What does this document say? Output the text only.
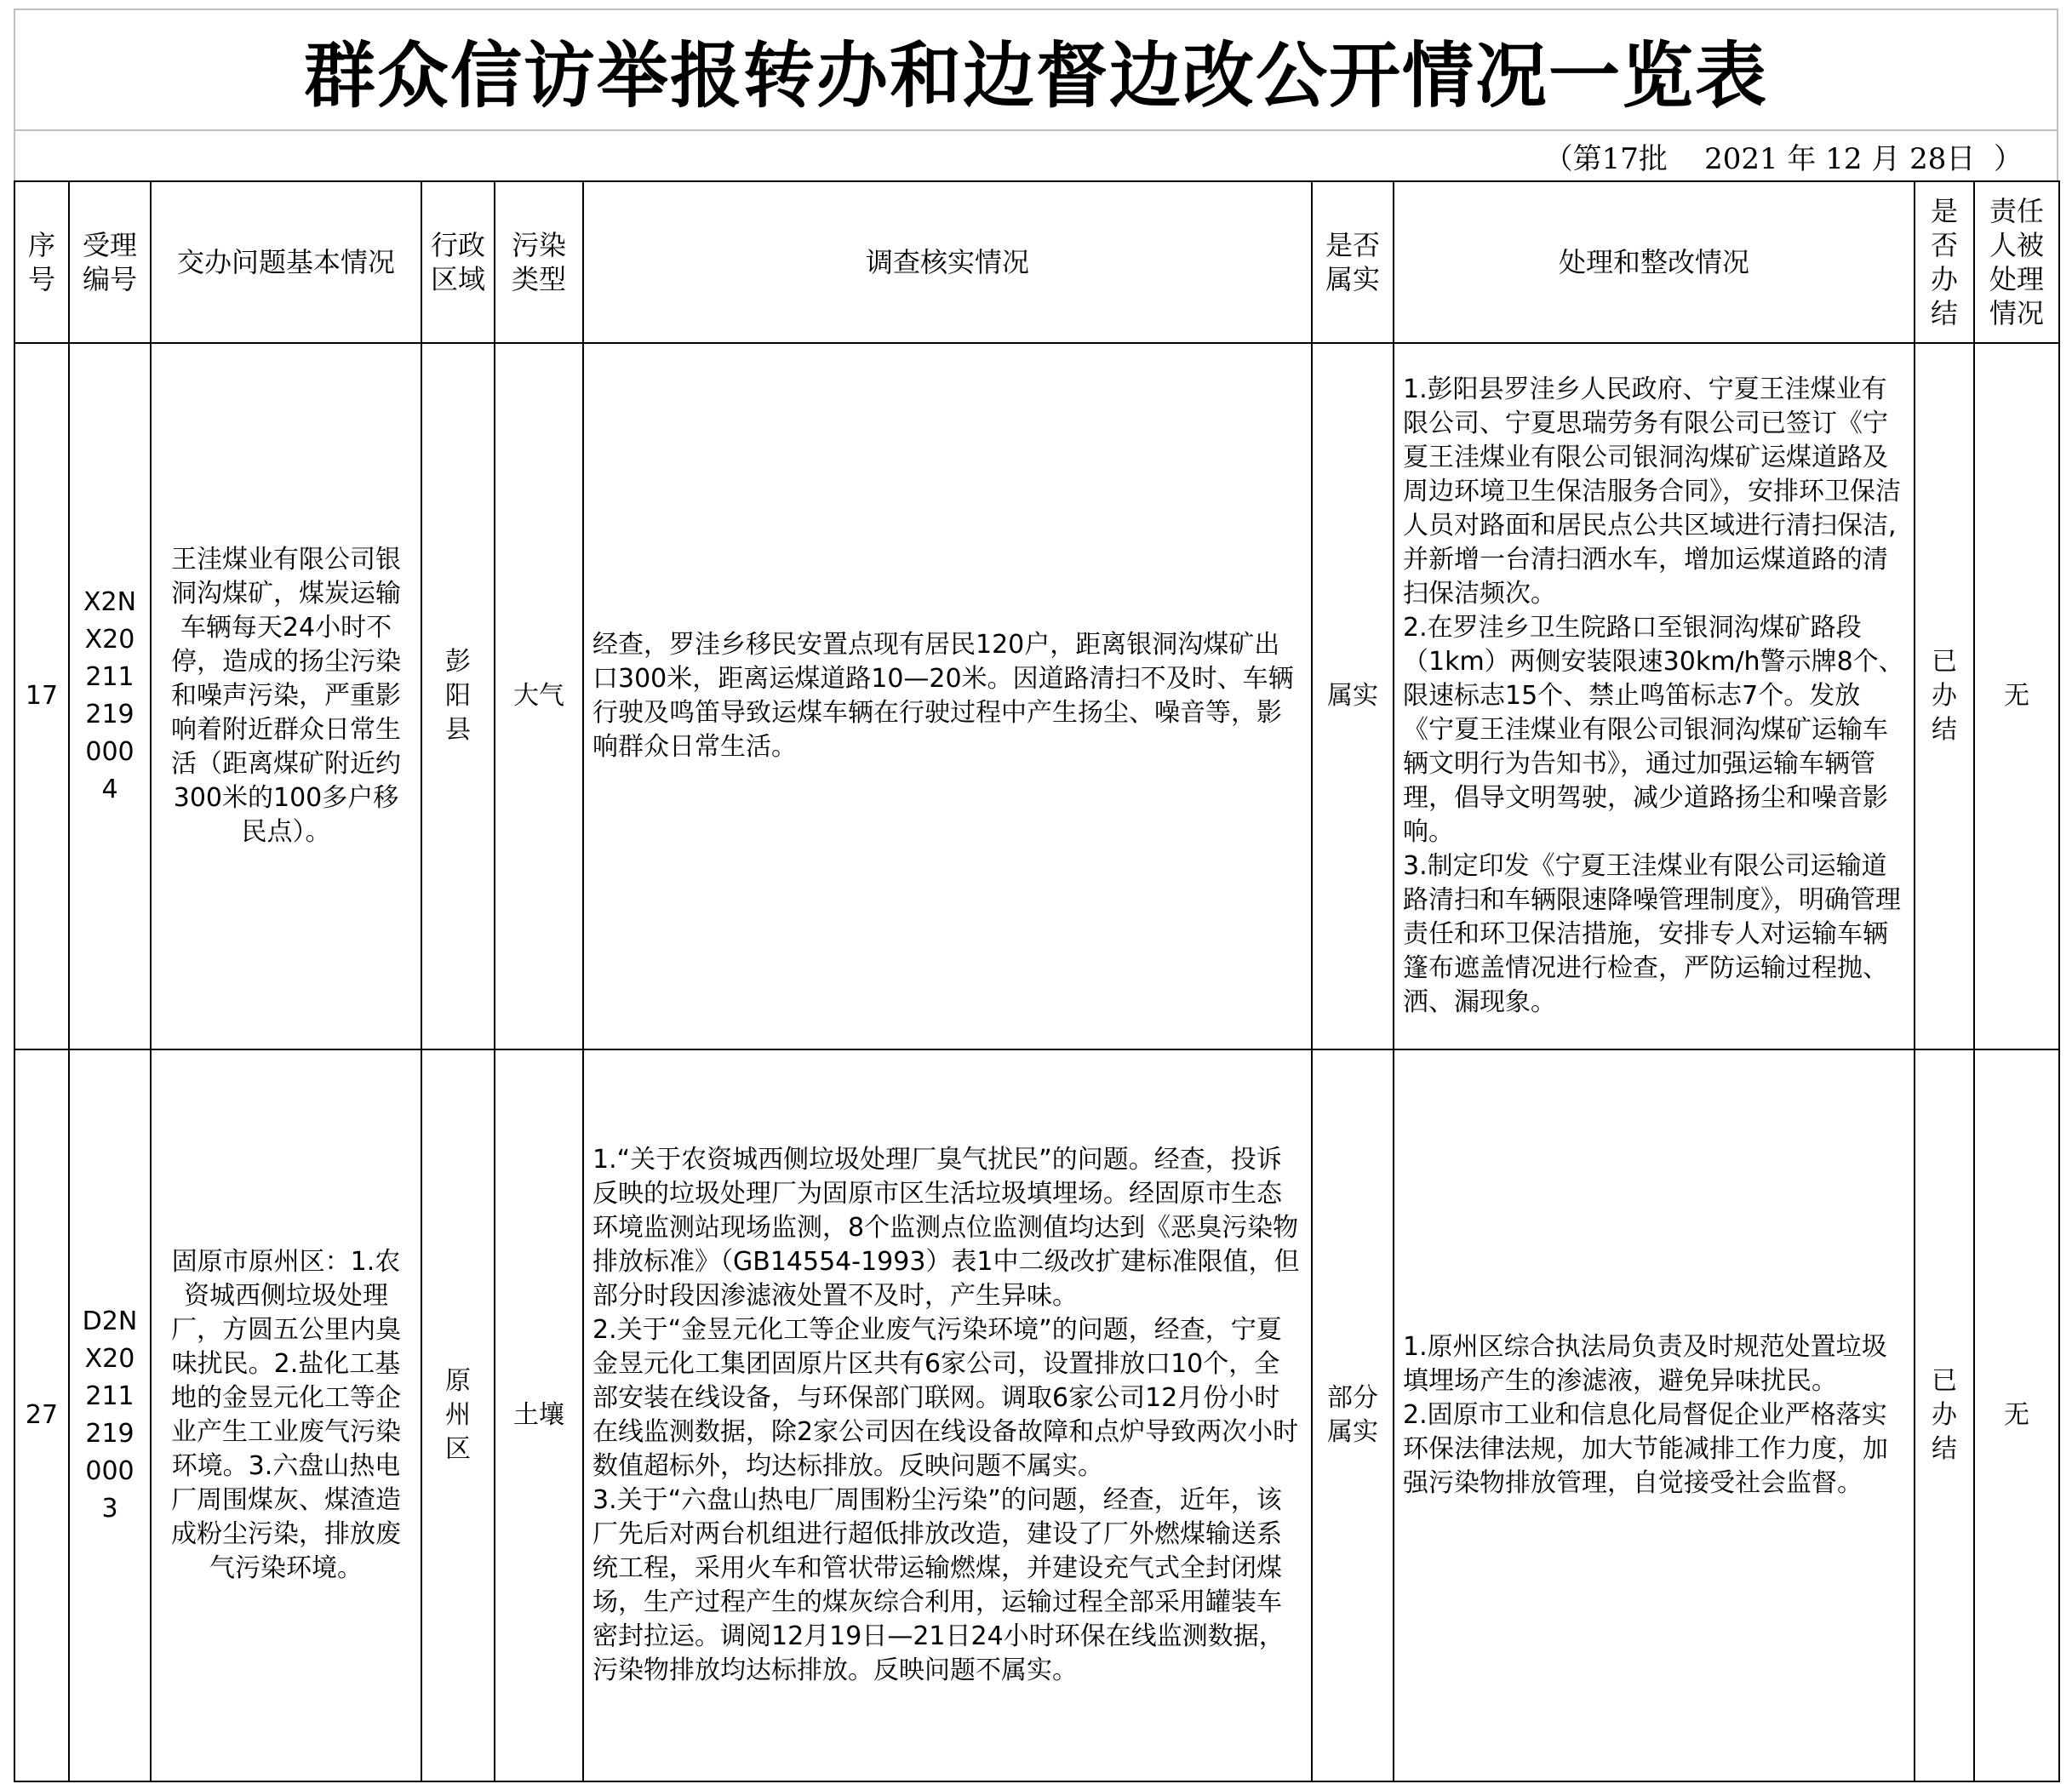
群众信访举报转办和边督边改公开情况一览表
（第17批    2021 年 12 月 28日  ）
序号	受理编号	交办问题基本情况	行政区域	污染类型	调查核实情况	是否属实	处理和整改情况	是否办结	责任人被处理情况

17	X2NX20211219000 4	王洼煤业有限公司银洞沟煤矿，煤炭运输车辆每天24小时不停，造成的扬尘污染和噪声污染，严重影响着附近群众日常生活（距离煤矿附近约300米的100多户移民点）。	彭阳县	大气	经查，罗洼乡移民安置点现有居民120户，距离银洞沟煤矿出口300米，距离运煤道路10—20米。因道路清扫不及时、车辆行驶及鸣笛导致运煤车辆在行驶过程中产生扬尘、噪音等，影响群众日常生活。	属实	1.彭阳县罗洼乡人民政府、宁夏王洼煤业有限公司、宁夏思瑞劳务有限公司已签订《宁夏王洼煤业有限公司银洞沟煤矿运煤道路及周边环境卫生保洁服务合同》，安排环卫保洁人员对路面和居民点公共区域进行清扫保洁,并新增一台清扫洒水车，增加运煤道路的清扫保洁频次。
2.在罗洼乡卫生院路口至银洞沟煤矿路段（1km）两侧安装限速30km/h警示牌8个、限速标志15个、禁止鸣笛标志7个。发放《宁夏王洼煤业有限公司银洞沟煤矿运输车辆文明行为告知书》，通过加强运输车辆管理，倡导文明驾驶，减少道路扬尘和噪音影响。
3.制定印发《宁夏王洼煤业有限公司运输道路清扫和车辆限速降噪管理制度》，明确管理责任和环卫保洁措施，安排专人对运输车辆篷布遮盖情况进行检查，严防运输过程抛、洒、漏现象。	已办结	无
27	D2NX20211219000 3	固原市原州区：1.农资城西侧垃圾处理厂，方圆五公里内臭味扰民。2.盐化工基地的金昱元化工等企业产生工业废气污染环境。3.六盘山热电厂周围煤灰、煤渣造成粉尘污染，排放废气污染环境。	原州区	土壤	1.“关于农资城西侧垃圾处理厂臭气扰民”的问题。经查，投诉反映的垃圾处理厂为固原市区生活垃圾填埋场。经固原市生态环境监测站现场监测，8个监测点位监测值均达到《恶臭污染物排放标准》（GB14554-1993）表1中二级改扩建标准限值，但部分时段因渗滤液处置不及时，产生异味。
2.关于“金昱元化工等企业废气污染环境”的问题，经查，宁夏金昱元化工集团固原片区共有6家公司，设置排放口10个，全部安装在线设备，与环保部门联网。调取6家公司12月份小时在线监测数据，除2家公司因在线设备故障和点炉导致两次小时数值超标外，均达标排放。反映问题不属实。
3.关于“六盘山热电厂周围粉尘污染”的问题，经查，近年，该厂先后对两台机组进行超低排放改造，建设了厂外燃煤输送系统工程，采用火车和管状带运输燃煤，并建设充气式全封闭煤场，生产过程产生的煤灰综合利用，运输过程全部采用罐装车密封拉运。调阅12月19日—21日24小时环保在线监测数据，污染物排放均达标排放。反映问题不属实。	部分属实	1.原州区综合执法局负责及时规范处置垃圾填埋场产生的渗滤液，避免异味扰民。
2.固原市工业和信息化局督促企业严格落实环保法律法规，加大节能减排工作力度，加强污染物排放管理，自觉接受社会监督。	已办结	无
